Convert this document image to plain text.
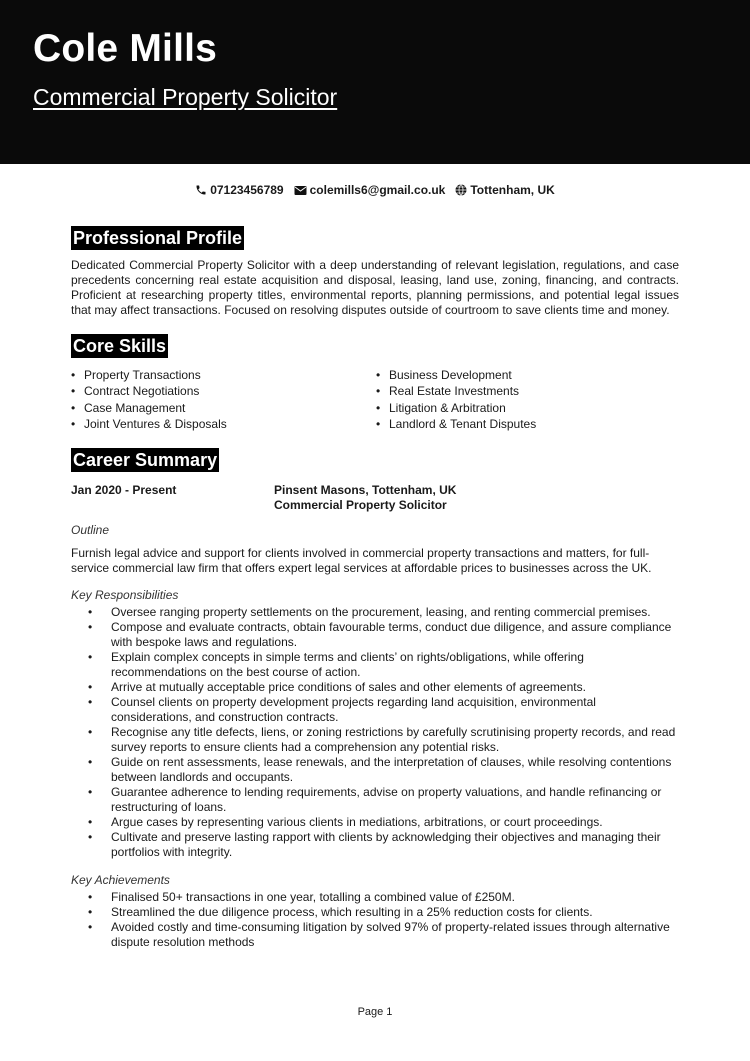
Cole Mills
Commercial Property Solicitor
07123456789 colemills6@gmail.co.uk Tottenham, UK
Professional Profile

Dedicated Commercial Property Solicitor with a deep understanding of relevant legislation, regulations, and case precedents concerning real estate acquisition and disposal, leasing, land use, zoning, financing, and contracts. Proficient at researching property titles, environmental reports, planning permissions, and potential legal issues that may affect transactions. Focused on resolving disputes outside of courtroom to save clients time and money.

Core Skills
• Property Transactions
• Contract Negotiations
• Case Management
• Joint Ventures & Disposals
• Business Development
• Real Estate Investments
• Litigation & Arbitration
• Landlord & Tenant Disputes
Career Summary
Jan 2020 - Present	Pinsent Masons, Tottenham, UK
Commercial Property Solicitor
Outline
Furnish legal advice and support for clients involved in commercial property transactions and matters, for full-service commercial law firm that offers expert legal services at affordable prices to businesses across the UK.
Key Responsibilities
• Oversee ranging property settlements on the procurement, leasing, and renting commercial premises.
• Compose and evaluate contracts, obtain favourable terms, conduct due diligence, and assure compliance with bespoke laws and regulations.
• Explain complex concepts in simple terms and clients’ on rights/obligations, while offering recommendations on the best course of action.
• Arrive at mutually acceptable price conditions of sales and other elements of agreements.
• Counsel clients on property development projects regarding land acquisition, environmental considerations, and construction contracts.
• Recognise any title defects, liens, or zoning restrictions by carefully scrutinising property records, and read survey reports to ensure clients had a comprehension any potential risks.
• Guide on rent assessments, lease renewals, and the interpretation of clauses, while resolving contentions between landlords and occupants.
• Guarantee adherence to lending requirements, advise on property valuations, and handle refinancing or restructuring of loans.
• Argue cases by representing various clients in mediations, arbitrations, or court proceedings.
• Cultivate and preserve lasting rapport with clients by acknowledging their objectives and managing their portfolios with integrity.
Key Achievements
• Finalised 50+ transactions in one year, totalling a combined value of £250M.
• Streamlined the due diligence process, which resulting in a 25% reduction costs for clients.
• Avoided costly and time-consuming litigation by solved 97% of property-related issues through alternative dispute resolution methods
Page 1
